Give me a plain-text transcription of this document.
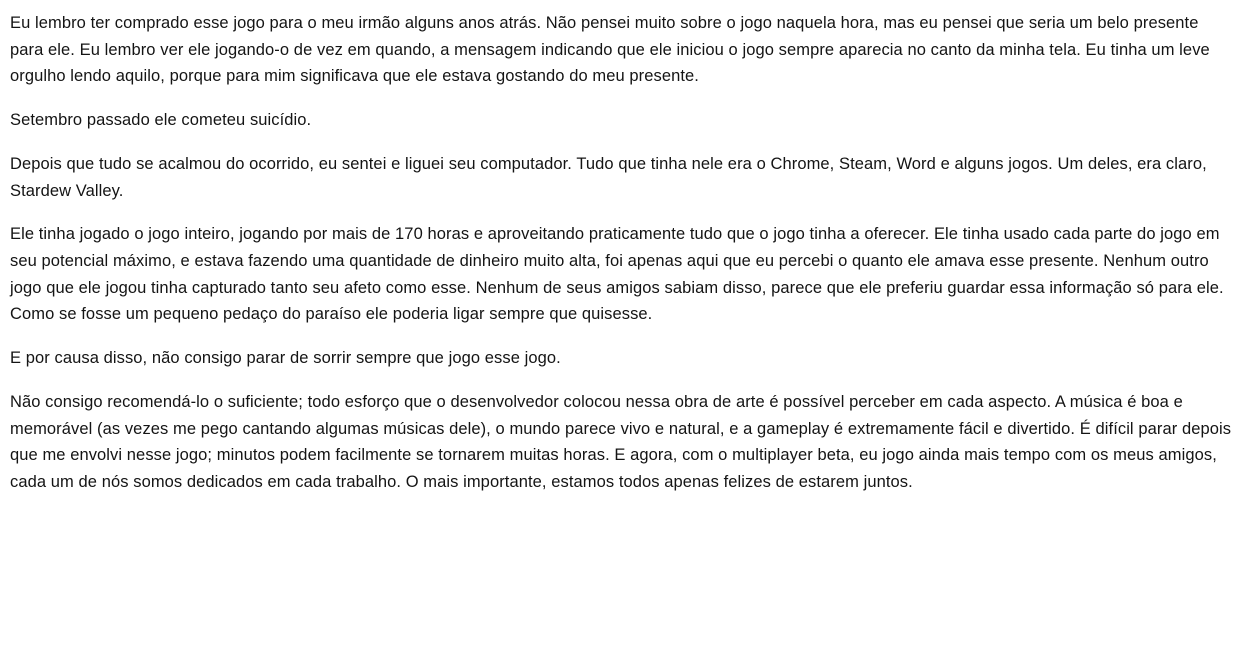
Eu lembro ter comprado esse jogo para o meu irmão alguns anos atrás. Não pensei muito sobre o jogo naquela hora, mas eu pensei que seria um belo presente para ele. Eu lembro ver ele jogando-o de vez em quando, a mensagem indicando que ele iniciou o jogo sempre aparecia no canto da minha tela. Eu tinha um leve orgulho lendo aquilo, porque para mim significava que ele estava gostando do meu presente.

Setembro passado ele cometeu suicídio.

Depois que tudo se acalmou do ocorrido, eu sentei e liguei seu computador. Tudo que tinha nele era o Chrome, Steam, Word e alguns jogos. Um deles, era claro, Stardew Valley.

Ele tinha jogado o jogo inteiro, jogando por mais de 170 horas e aproveitando praticamente tudo que o jogo tinha a oferecer. Ele tinha usado cada parte do jogo em seu potencial máximo, e estava fazendo uma quantidade de dinheiro muito alta, foi apenas aqui que eu percebi o quanto ele amava esse presente. Nenhum outro jogo que ele jogou tinha capturado tanto seu afeto como esse. Nenhum de seus amigos sabiam disso, parece que ele preferiu guardar essa informação só para ele. Como se fosse um pequeno pedaço do paraíso ele poderia ligar sempre que quisesse.

E por causa disso, não consigo parar de sorrir sempre que jogo esse jogo.

Não consigo recomendá-lo o suficiente; todo esforço que o desenvolvedor colocou nessa obra de arte é possível perceber em cada aspecto. A música é boa e memorável (as vezes me pego cantando algumas músicas dele), o mundo parece vivo e natural, e a gameplay é extremamente fácil e divertido. É difícil parar depois que me envolvi nesse jogo; minutos podem facilmente se tornarem muitas horas. E agora, com o multiplayer beta, eu jogo ainda mais tempo com os meus amigos, cada um de nós somos dedicados em cada trabalho. O mais importante, estamos todos apenas felizes de estarem juntos.
